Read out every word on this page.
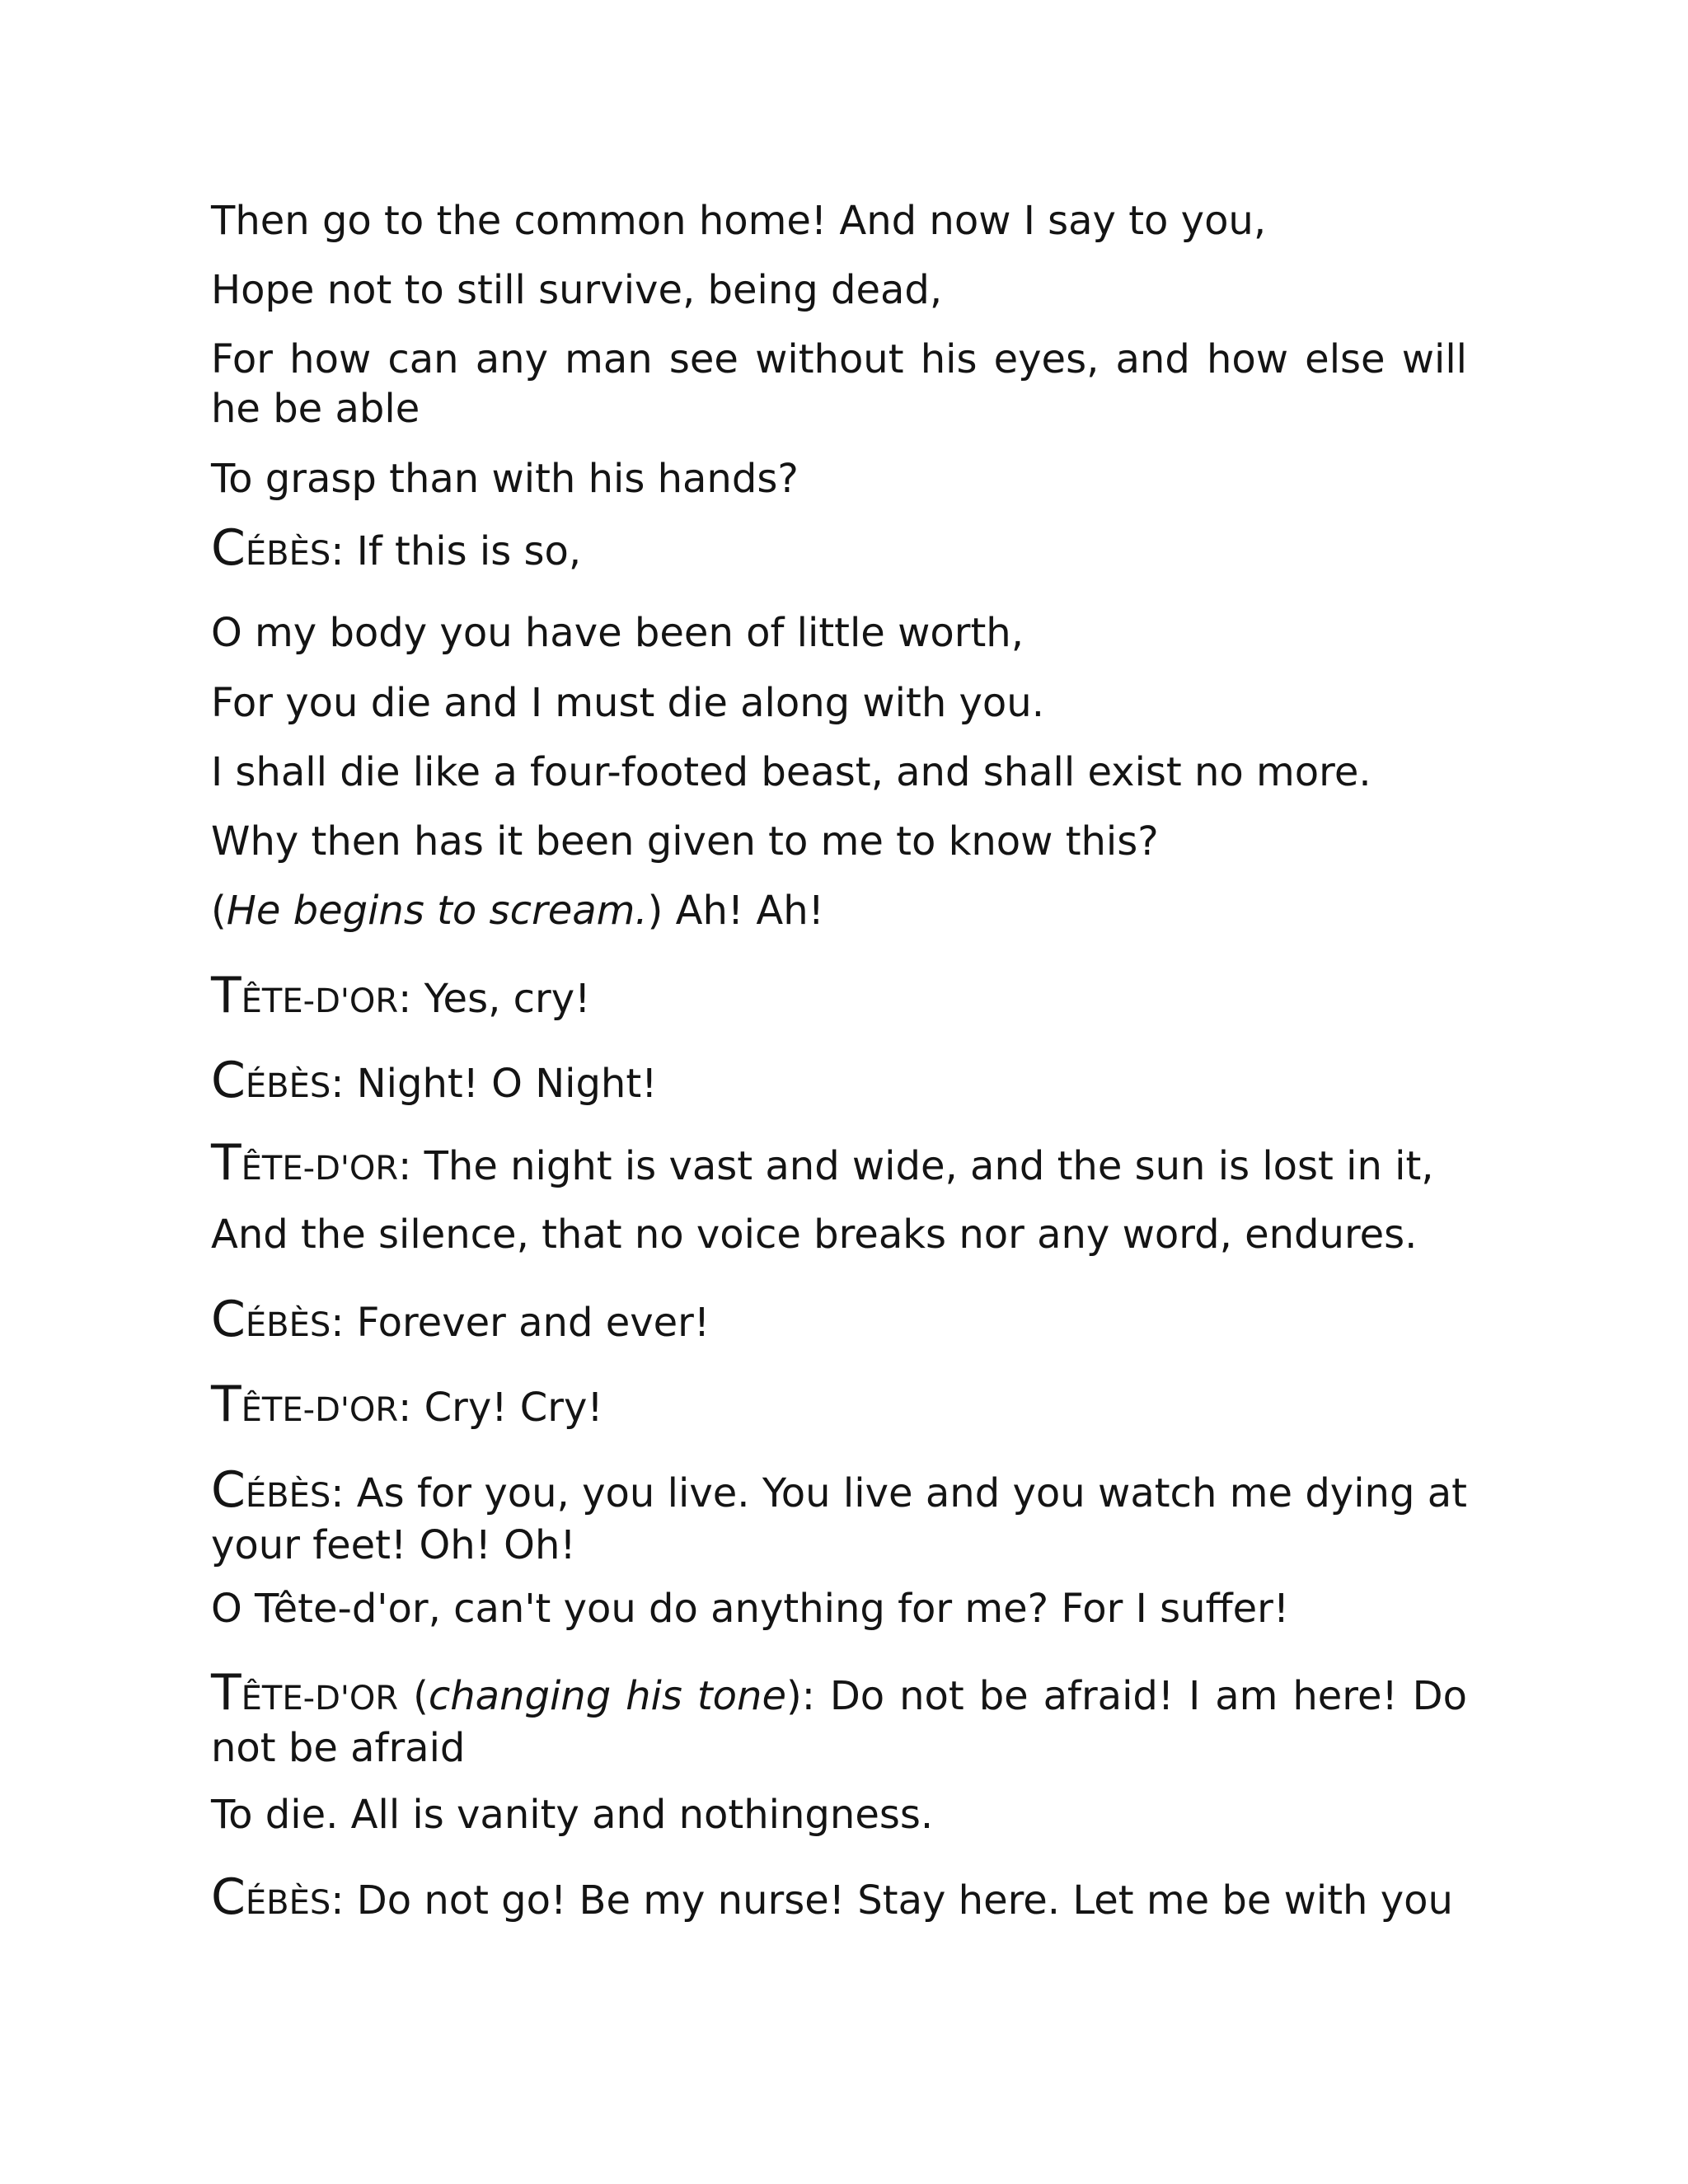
Then go to the common home! And now I say to you,

Hope not to still survive, being dead,

For how can any man see without his eyes, and how else will he be able

To grasp than with his hands?

CÉBÈS: If this is so,

O my body you have been of little worth,

For you die and I must die along with you.

I shall die like a four-footed beast, and shall exist no more.

Why then has it been given to me to know this?

(He begins to scream.) Ah! Ah!

TÊTE-D'OR: Yes, cry!

CÉBÈS: Night! O Night!

TÊTE-D'OR: The night is vast and wide, and the sun is lost in it,

And the silence, that no voice breaks nor any word, endures.

CÉBÈS: Forever and ever!

TÊTE-D'OR: Cry! Cry!

CÉBÈS: As for you, you live. You live and you watch me dying at your feet! Oh! Oh!

O Tête-d'or, can't you do anything for me? For I suffer!

TÊTE-D'OR (changing his tone): Do not be afraid! I am here! Do not be afraid

To die. All is vanity and nothingness.

CÉBÈS: Do not go! Be my nurse! Stay here. Let me be with you
